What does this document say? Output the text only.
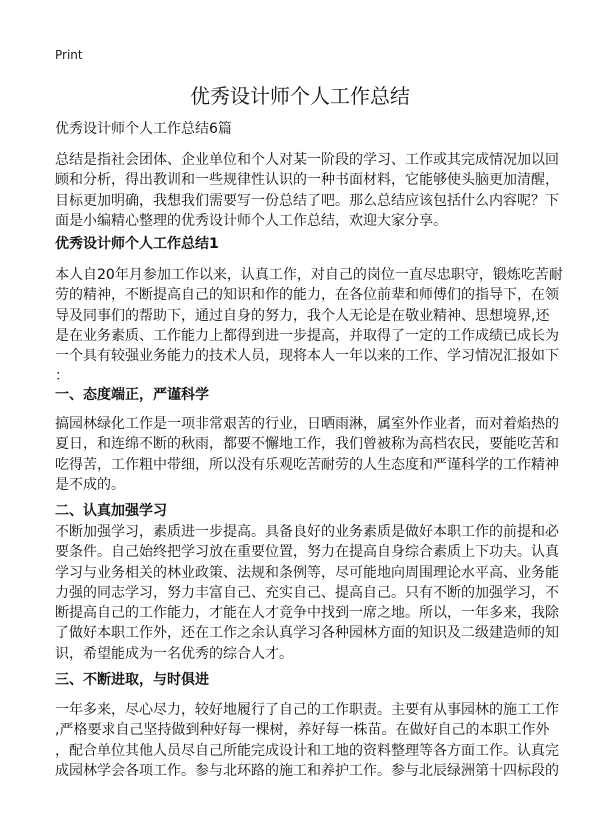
Print
优秀设计师个人工作总结
优秀设计师个人工作总结6篇
总结是指社会团体、企业单位和个人对某一阶段的学习、工作或其完成情况加以回
顾和分析，得出教训和一些规律性认识的一种书面材料，它能够使头脑更加清醒，
目标更加明确，我想我们需要写一份总结了吧。那么总结应该包括什么内容呢？下
面是小编精心整理的优秀设计师个人工作总结，欢迎大家分享。
优秀设计师个人工作总结1
本人自20年月参加工作以来，认真工作，对自己的岗位一直尽忠职守，锻炼吃苦耐
劳的精神，不断提高自己的知识和作的能力，在各位前辈和师傅们的指导下，在领
导及同事们的帮助下，通过自身的努力，我个人无论是在敬业精神、思想境界,还
是在业务素质、工作能力上都得到进一步提高，并取得了一定的工作成绩已成长为
一个具有较强业务能力的技术人员，现将本人一年以来的工作、学习情况汇报如下
：
一、态度端正，严谨科学
搞园林绿化工作是一项非常艰苦的行业，日晒雨淋，属室外作业者，而对着焰热的
夏日，和连绵不断的秋雨，都要不懈地工作，我们曾被称为高档农民，要能吃苦和
吃得苦，工作粗中带细，所以没有乐观吃苦耐劳的人生态度和严谨科学的工作精神
是不成的。
二、认真加强学习
不断加强学习，素质进一步提高。具备良好的业务素质是做好本职工作的前提和必
要条件。自己始终把学习放在重要位置，努力在提高自身综合素质上下功夫。认真
学习与业务相关的林业政策、法规和条例等，尽可能地向周围理论水平高、业务能
力强的同志学习，努力丰富自己、充实自己、提高自己。只有不断的加强学习，不
断提高自己的工作能力，才能在人才竞争中找到一席之地。所以，一年多来，我除
了做好本职工作外，还在工作之余认真学习各种园林方面的知识及二级建造师的知
识，希望能成为一名优秀的综合人才。
三、不断进取，与时俱进
一年多来，尽心尽力，较好地履行了自己的工作职责。主要有从事园林的施工工作
,严格要求自己坚持做到种好每一棵树，养好每一株苗。在做好自己的本职工作外
，配合单位其他人员尽自己所能完成设计和工地的资料整理等各方面工作。认真完
成园林学会各项工作。参与北环路的施工和养护工作。参与北辰绿洲第十四标段的
